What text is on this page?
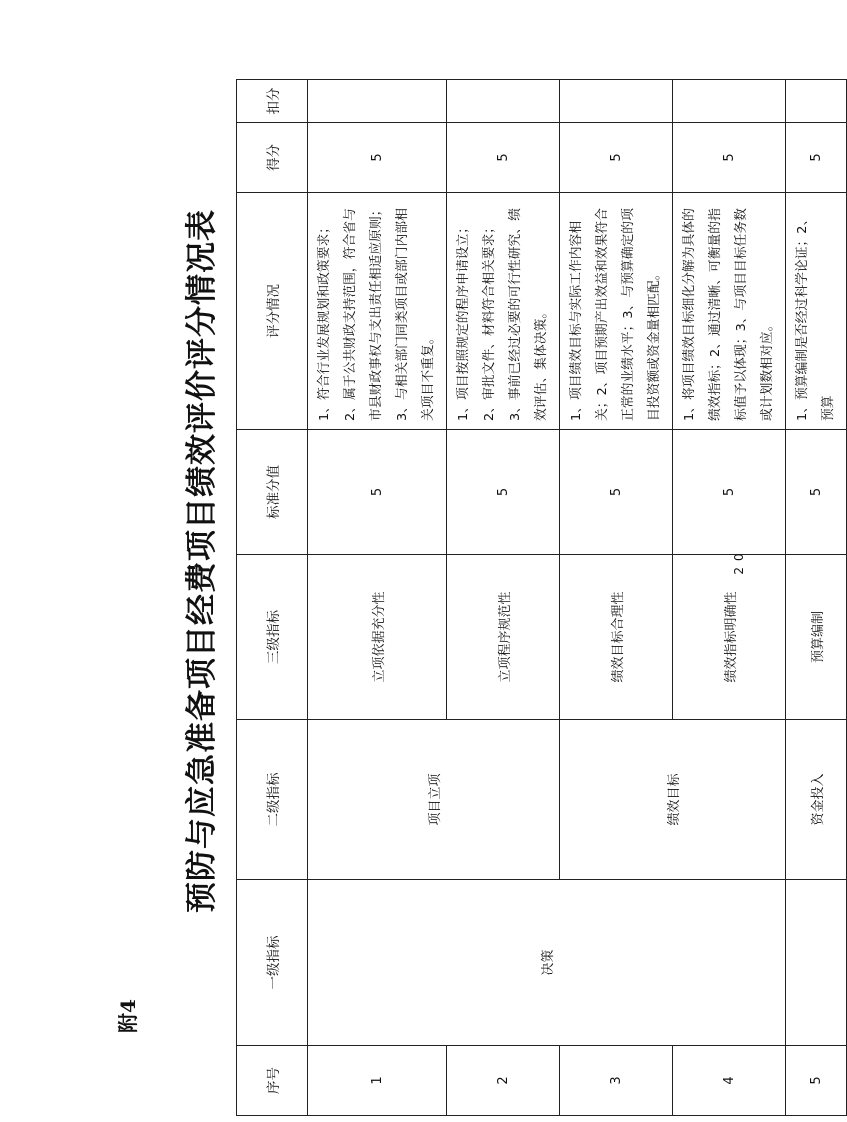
附4
预防与应急准备项目经费项目绩效评价评分情况表
序号	一级指标	二级指标	三级指标	标准分值	评分情况	得分	扣分
1	决策	项目立项	立项依据充分性	5	1、符合行业发展规划和政策要求；2、属于公共财政支持范围，符合省与市县财政事权与支出责任相适应原则；3、与相关部门同类项目或部门内部相关项目不重复。	5	
2			立项程序规范性	5	1、项目按照规定的程序申请设立；2、审批文件、材料符合相关要求；3、事前已经过必要的可行性研究、绩效评估、集体决策。	5	
3		绩效目标	绩效目标合理性	5	1、项目绩效目标与实际工作内容相关；2、项目预期产出效益和效果符合正常的业绩水平；3、与预算确定的项目投资额或资金量相匹配。	5	
4			绩效指标明确性	5	1、将项目绩效目标细化分解为具体的绩效指标；2、通过清晰、可衡量的指标值予以体现；3、与项目目标任务数或计划数相对应。	5	
5		资金投入	预算编制	5	1、预算编制是否经过科学论证；2、预算	5	
20
